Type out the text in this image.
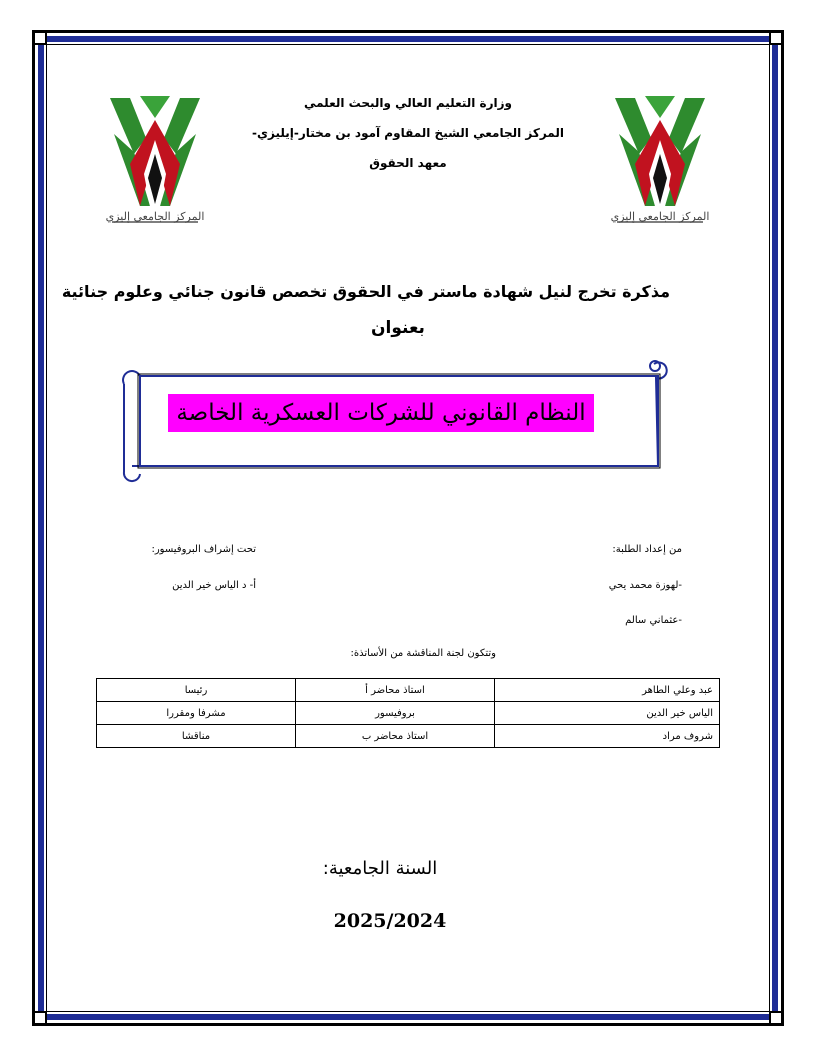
المركز الجامعي إليزي	المركز الجامعي إليزي
وزارة التعليم العالي والبحث العلمي
المركز الجامعي الشيخ المقاوم آمود بن مختار-إيليزي-
معهد الحقوق
مذكرة تخرج لنيل شهادة ماستر في الحقوق تخصص قانون جنائي وعلوم جنائية
بعنوان
النظام القانوني للشركات العسكرية الخاصة
من إعداد الطلبة:
-لهوزة محمد يحي
-عثماني سالم
تحت إشراف البروفيسور:
أ- د الياس خير الدين
وتتكون لجنة المناقشة من الأساتذة:
رئيسا	استاذ محاضر أ	عبد وعلي الطاهر
مشرفا ومقررا	بروفيسور	الياس خير الدين
مناقشا	استاذ محاضر ب	شروف مراد
السنة الجامعية:
2025/2024
